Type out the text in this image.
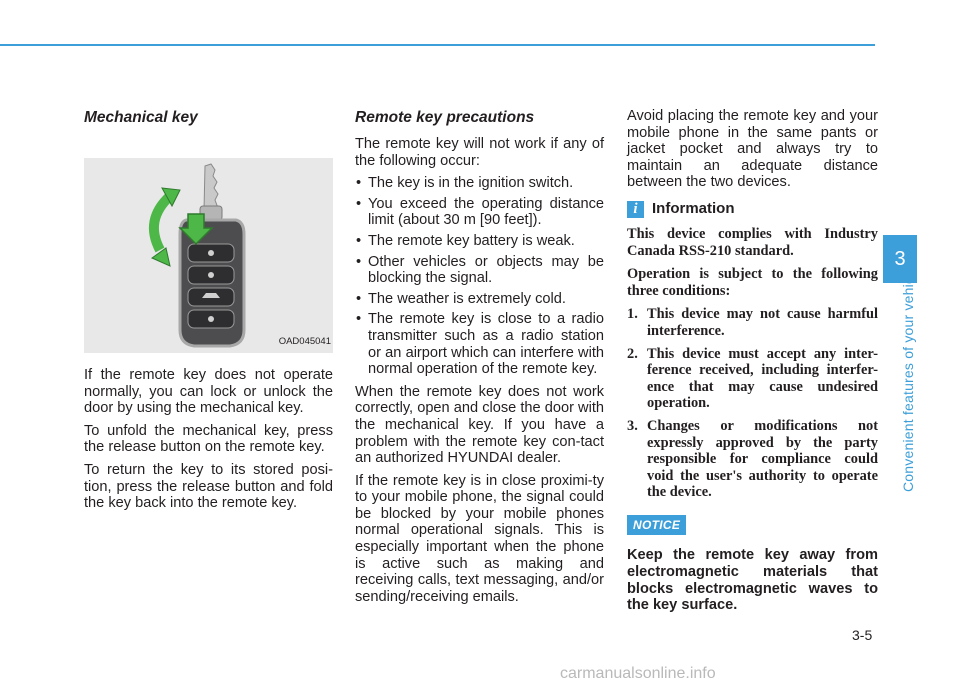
Mechanical key
OAD045041

If the remote key does not operate normally, you can lock or unlock the door by using the mechanical key.

To unfold the mechanical key, press the release button on the remote key.

To return the key to its stored posi-tion, press the release button and fold the key back into the remote key.

Remote key precautions

The remote key will not work if any of the following occur:

• The key is in the ignition switch.
• You exceed the operating distance limit (about 30 m [90 feet]).
• The remote key battery is weak.
• Other vehicles or objects may be blocking the signal.
• The weather is extremely cold.
• The remote key is close to a radio transmitter such as a radio station or an airport which can interfere with normal operation of the remote key.

When the remote key does not work correctly, open and close the door with the mechanical key. If you have a problem with the remote key con-tact an authorized HYUNDAI dealer.

If the remote key is in close proximi-ty to your mobile phone, the signal could be blocked by your mobile phones normal operational signals. This is especially important when the phone is active such as making and receiving calls, text messaging, and/or sending/receiving emails.

Avoid placing the remote key and your mobile phone in the same pants or jacket pocket and always try to maintain an adequate distance between the two devices.

i Information

This device complies with Industry Canada RSS-210 standard.

Operation is subject to the following three conditions:

1. This device may not cause harmful interference.
2. This device must accept any inter-ference received, including interfer-ence that may cause undesired operation.
3. Changes or modifications not expressly approved by the party responsible for compliance could void the user's authority to operate the device.
NOTICE

Keep the remote key away from electromagnetic materials that blocks electromagnetic waves to the key surface.

3
Convenient features of your vehicle
3-5
carmanualsonline.info
